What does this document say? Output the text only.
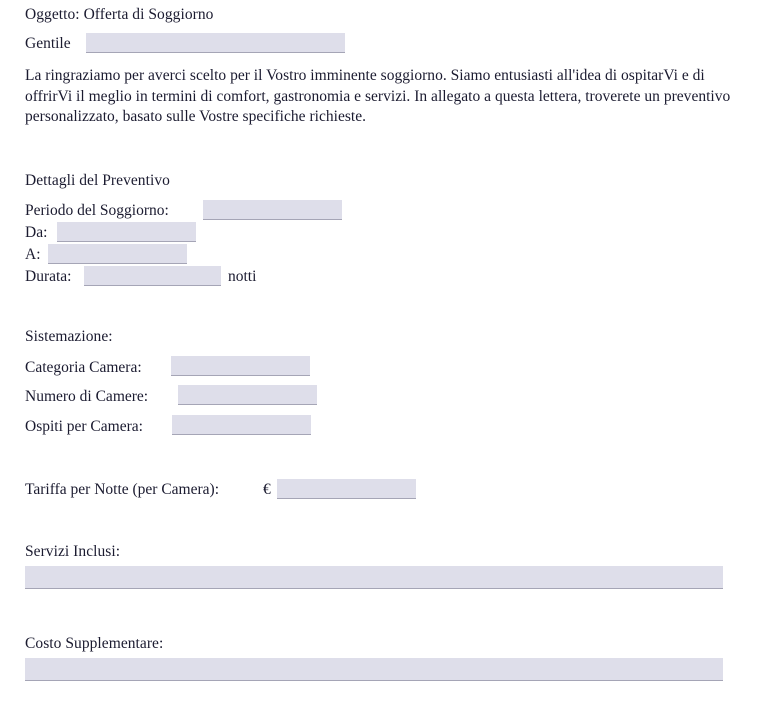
Oggetto: Offerta di Soggiorno
Gentile
La ringraziamo per averci scelto per il Vostro imminente soggiorno. Siamo entusiasti all'idea di ospitarVi e di offrirVi il meglio in termini di comfort, gastronomia e servizi. In allegato a questa lettera, troverete un preventivo personalizzato, basato sulle Vostre specifiche richieste.
Dettagli del Preventivo
Periodo del Soggiorno:
Da:
A:
Durata:	notti
Sistemazione:
Categoria Camera:
Numero di Camere:
Ospiti per Camera:
Tariffa per Notte (per Camera):	€
Servizi Inclusi:
Costo Supplementare:
